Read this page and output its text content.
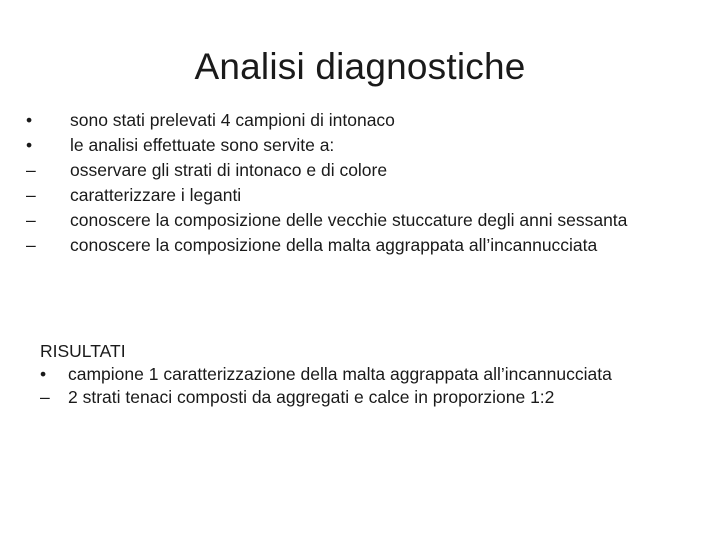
Analisi diagnostiche
•	sono stati prelevati 4 campioni di intonaco
•	le analisi effettuate sono servite a:
–	osservare gli strati di intonaco e di colore
–	caratterizzare i leganti
–	conoscere la composizione delle vecchie stuccature degli anni sessanta
–	conoscere la composizione della malta aggrappata all’incannucciata

RISULTATI

•	campione 1 caratterizzazione della malta aggrappata all’incannucciata
–	2 strati tenaci composti da aggregati e calce in proporzione 1:2
